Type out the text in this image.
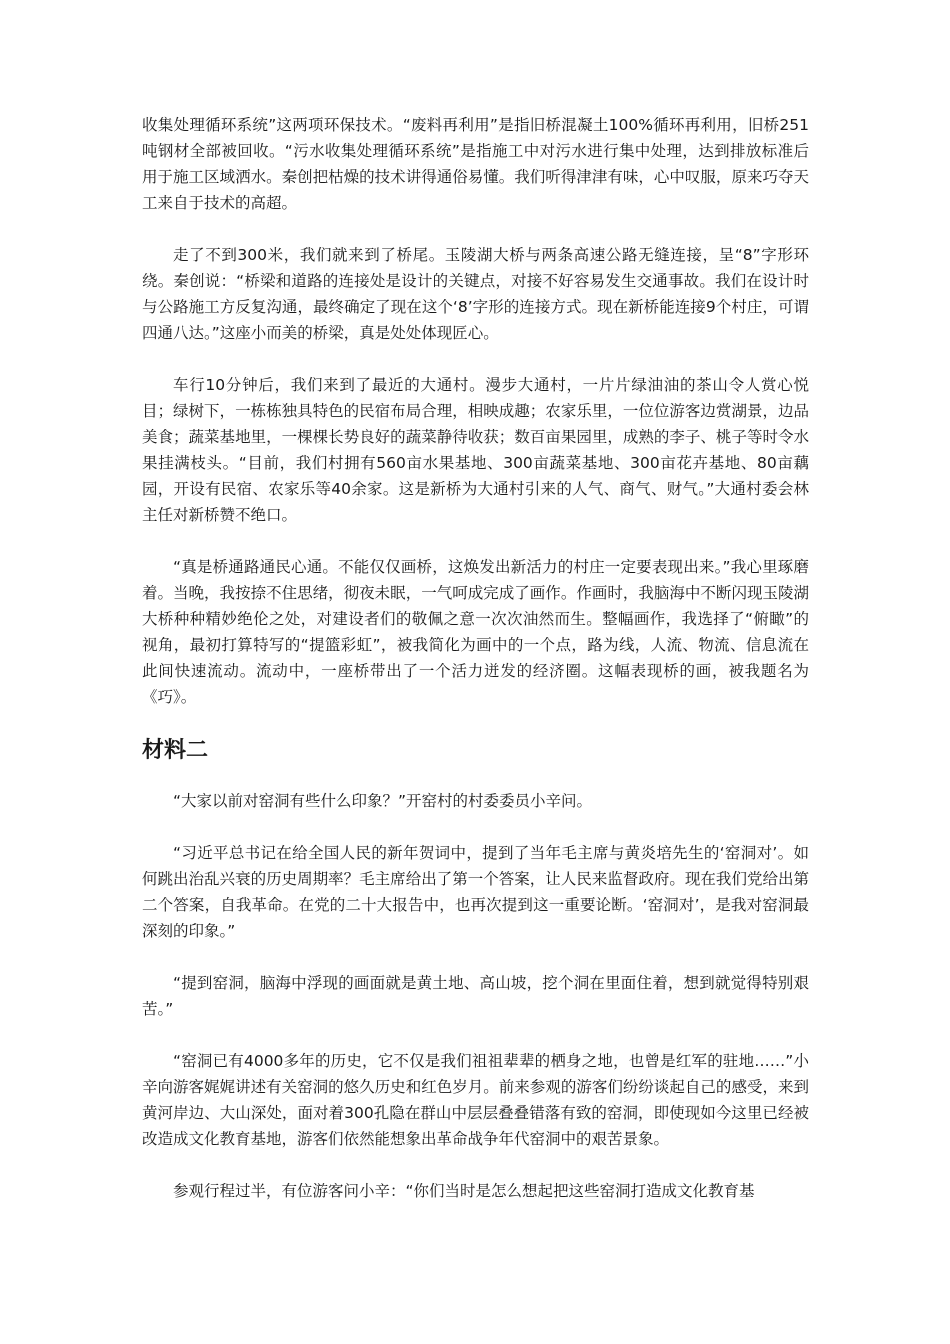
收集处理循环系统”这两项环保技术。“废料再利用”是指旧桥混凝土100%循环再利用，旧桥251吨钢材全部被回收。“污水收集处理循环系统”是指施工中对污水进行集中处理，达到排放标准后用于施工区域洒水。秦创把枯燥的技术讲得通俗易懂。我们听得津津有味，心中叹服，原来巧夺天工来自于技术的高超。

走了不到300米，我们就来到了桥尾。玉陵湖大桥与两条高速公路无缝连接，呈“8”字形环绕。秦创说：“桥梁和道路的连接处是设计的关键点，对接不好容易发生交通事故。我们在设计时与公路施工方反复沟通，最终确定了现在这个‘8’字形的连接方式。现在新桥能连接9个村庄，可谓四通八达。”这座小而美的桥梁，真是处处体现匠心。

车行10分钟后，我们来到了最近的大通村。漫步大通村，一片片绿油油的茶山令人赏心悦目；绿树下，一栋栋独具特色的民宿布局合理，相映成趣；农家乐里，一位位游客边赏湖景，边品美食；蔬菜基地里，一棵棵长势良好的蔬菜静待收获；数百亩果园里，成熟的李子、桃子等时令水果挂满枝头。“目前，我们村拥有560亩水果基地、300亩蔬菜基地、300亩花卉基地、80亩藕园，开设有民宿、农家乐等40余家。这是新桥为大通村引来的人气、商气、财气。”大通村委会林主任对新桥赞不绝口。

“真是桥通路通民心通。不能仅仅画桥，这焕发出新活力的村庄一定要表现出来。”我心里琢磨着。当晚，我按捺不住思绪，彻夜未眠，一气呵成完成了画作。作画时，我脑海中不断闪现玉陵湖大桥种种精妙绝伦之处，对建设者们的敬佩之意一次次油然而生。整幅画作，我选择了“俯瞰”的视角，最初打算特写的“提篮彩虹”，被我简化为画中的一个点，路为线，人流、物流、信息流在此间快速流动。流动中，一座桥带出了一个活力迸发的经济圈。这幅表现桥的画，被我题名为《巧》。

材料二

“大家以前对窑洞有些什么印象？”开窑村的村委委员小辛问。

“习近平总书记在给全国人民的新年贺词中，提到了当年毛主席与黄炎培先生的‘窑洞对’。如何跳出治乱兴衰的历史周期率？毛主席给出了第一个答案，让人民来监督政府。现在我们党给出第二个答案，自我革命。在党的二十大报告中，也再次提到这一重要论断。‘窑洞对’，是我对窑洞最深刻的印象。”

“提到窑洞，脑海中浮现的画面就是黄土地、高山坡，挖个洞在里面住着，想到就觉得特别艰苦。”

“窑洞已有4000多年的历史，它不仅是我们祖祖辈辈的栖身之地，也曾是红军的驻地……”小辛向游客娓娓讲述有关窑洞的悠久历史和红色岁月。前来参观的游客们纷纷谈起自己的感受，来到黄河岸边、大山深处，面对着300孔隐在群山中层层叠叠错落有致的窑洞，即使现如今这里已经被改造成文化教育基地，游客们依然能想象出革命战争年代窑洞中的艰苦景象。

参观行程过半，有位游客问小辛：“你们当时是怎么想起把这些窑洞打造成文化教育基
